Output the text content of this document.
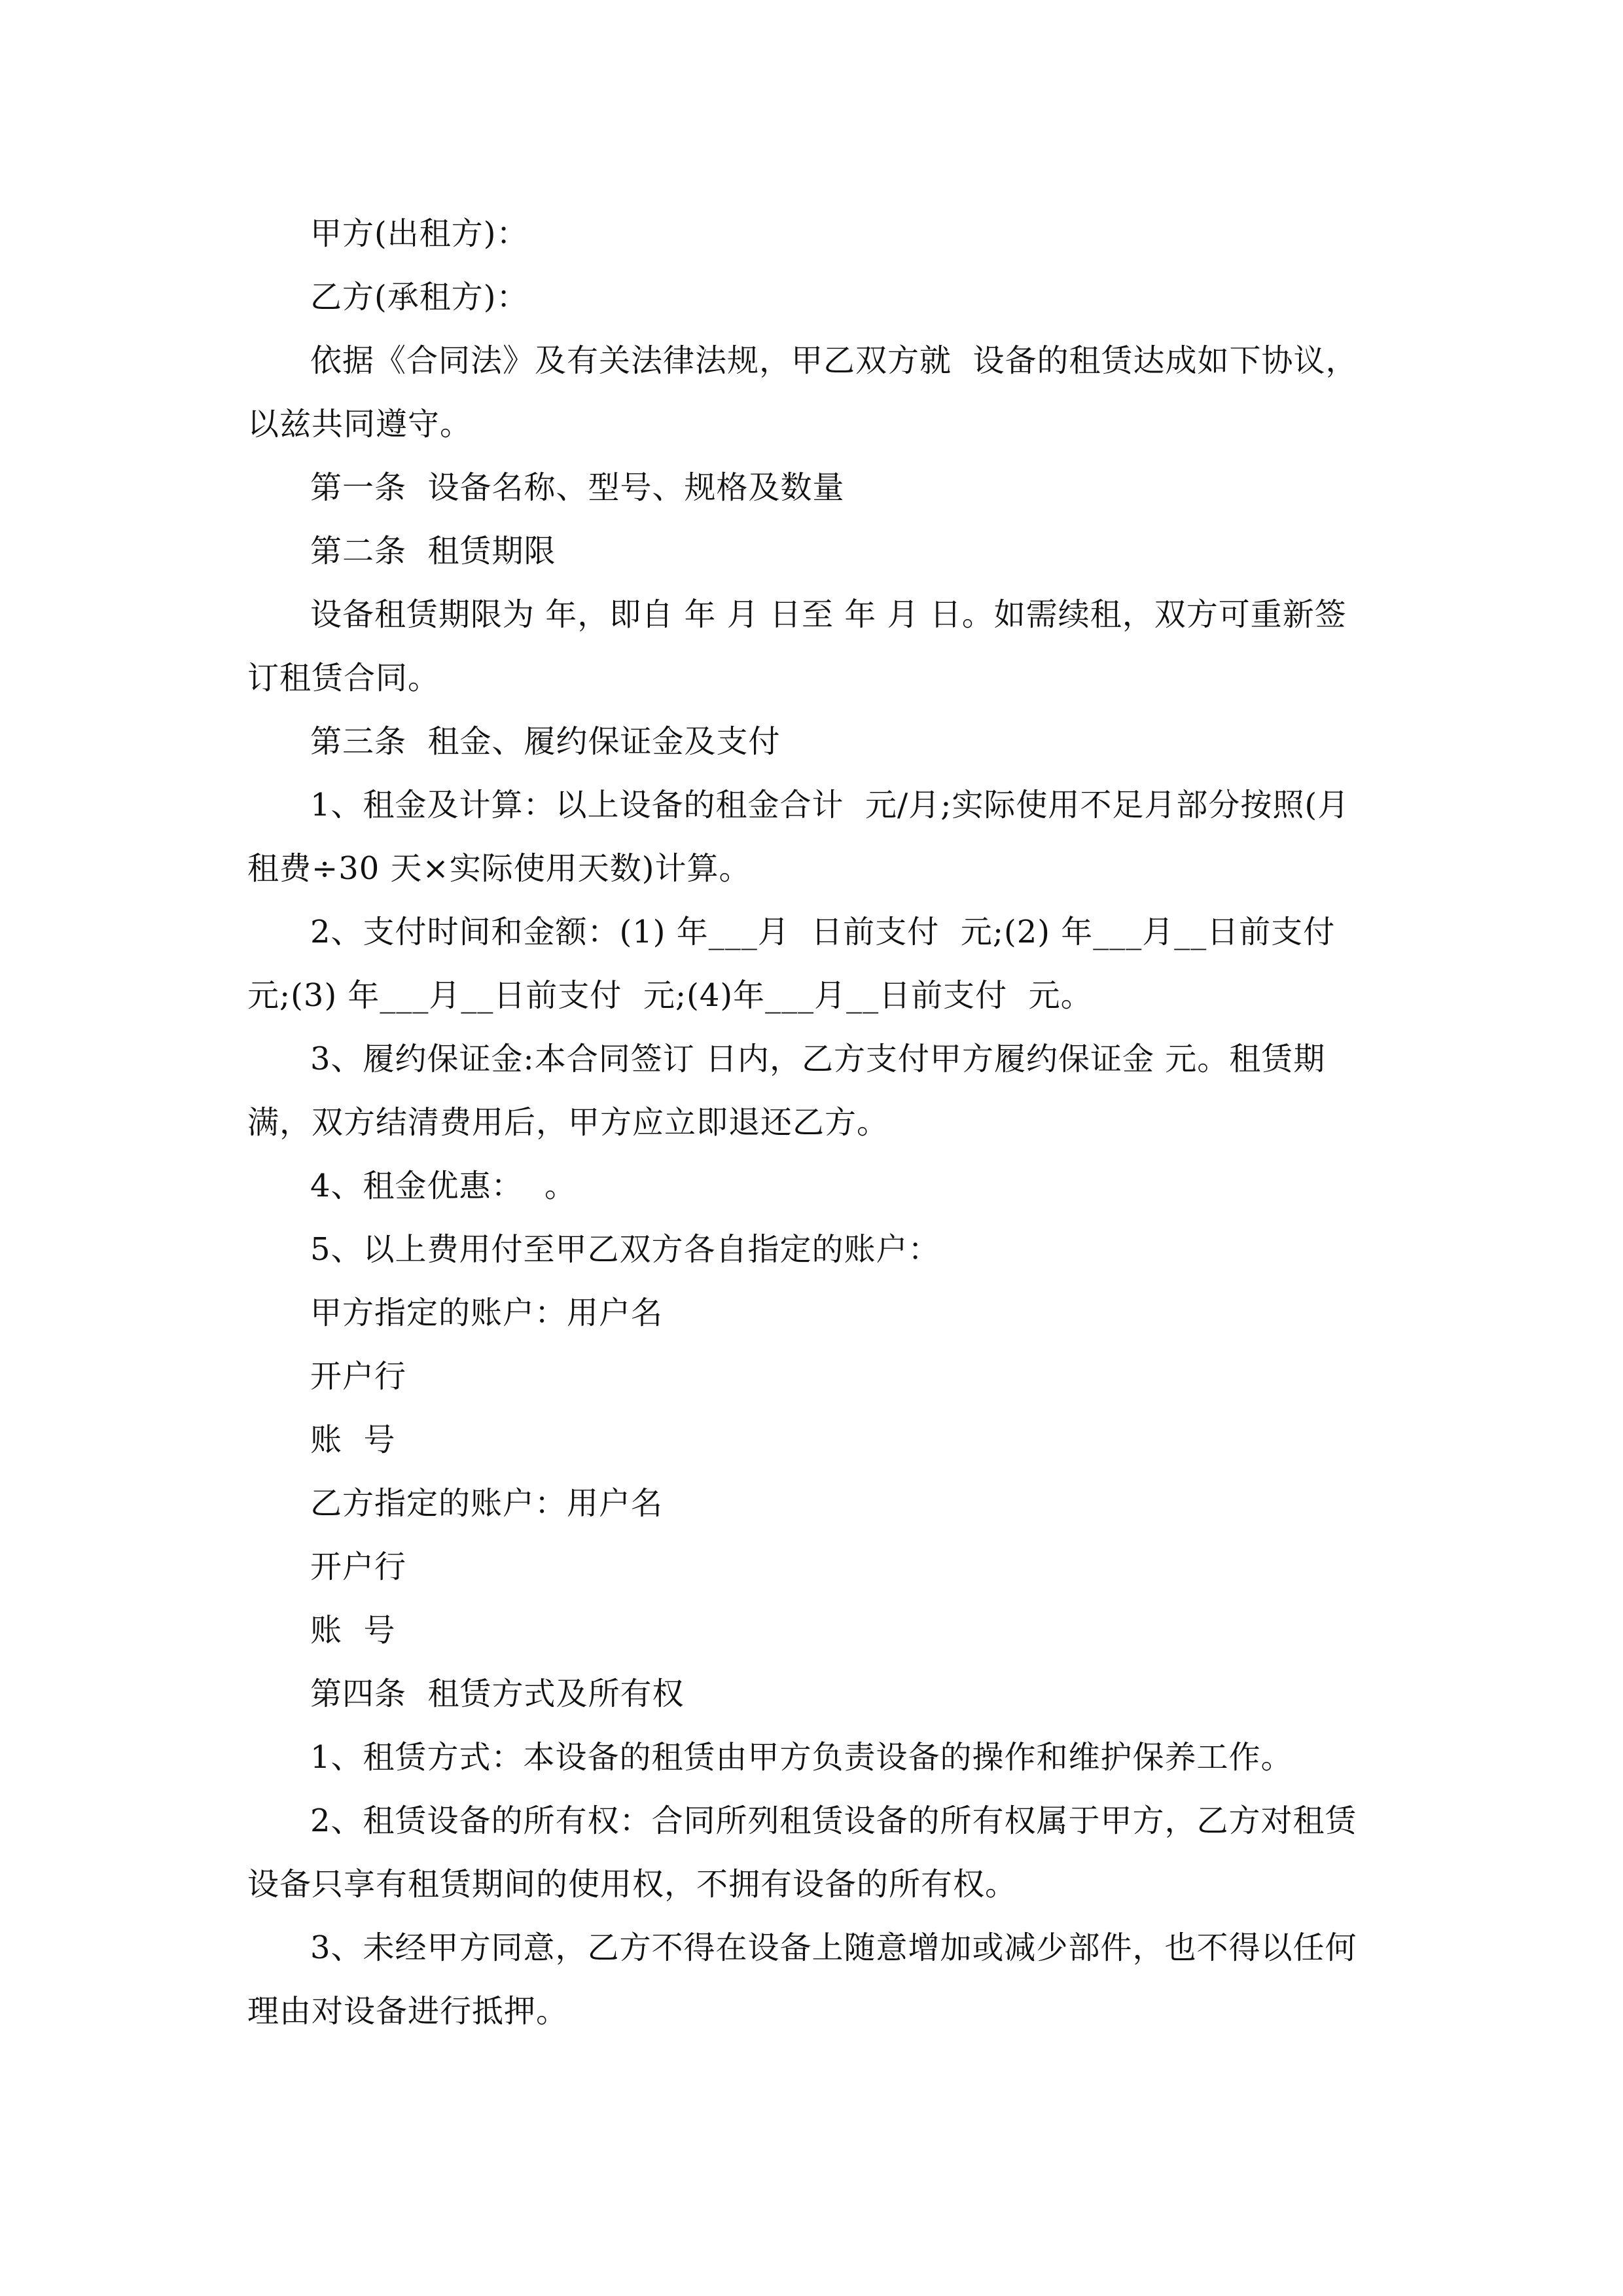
甲方(出租方)：

乙方(承租方)：

依据《合同法》及有关法律法规，甲乙双方就  设备的租赁达成如下协议，以兹共同遵守。

第一条  设备名称、型号、规格及数量

第二条  租赁期限

设备租赁期限为 年，即自 年 月 日至 年 月 日。如需续租，双方可重新签订租赁合同。

第三条  租金、履约保证金及支付

1、租金及计算：以上设备的租金合计  元/月;实际使用不足月部分按照(月租费÷30 天×实际使用天数)计算。

2、支付时间和金额：(1) 年___月  日前支付  元;(2) 年___月__日前支付  元;(3) 年___月__日前支付  元;(4)年___月__日前支付  元。

3、履约保证金:本合同签订 日内，乙方支付甲方履约保证金 元。租赁期满，双方结清费用后，甲方应立即退还乙方。

4、租金优惠：  。

5、以上费用付至甲乙双方各自指定的账户：

甲方指定的账户：用户名

开户行

账  号

乙方指定的账户：用户名

开户行

账  号

第四条  租赁方式及所有权

1、租赁方式：本设备的租赁由甲方负责设备的操作和维护保养工作。

2、租赁设备的所有权：合同所列租赁设备的所有权属于甲方，乙方对租赁设备只享有租赁期间的使用权，不拥有设备的所有权。

3、未经甲方同意，乙方不得在设备上随意增加或减少部件，也不得以任何理由对设备进行抵押。
